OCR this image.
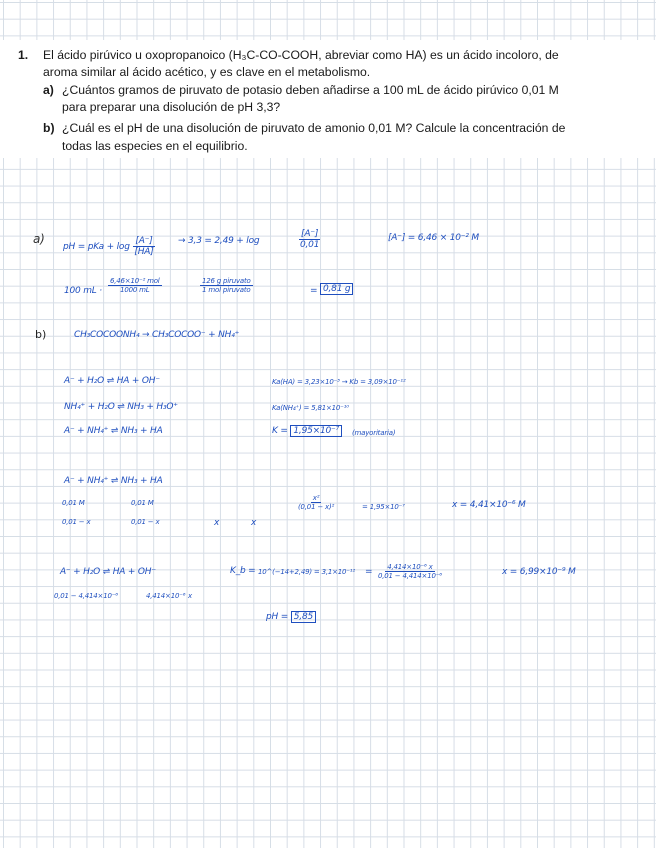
1. El ácido pirúvico u oxopropanoico (H₃C-CO-COOH, abreviar como HA) es un ácido incoloro, de
aroma similar al ácido acético, y es clave en el metabolismo.
a) ¿Cuántos gramos de piruvato de potasio deben añadirse a 100 mL de ácido pirúvico 0,01 M
para preparar una disolución de pH 3,3?
b) ¿Cuál es el pH de una disolución de piruvato de amonio 0,01 M? Calcule la concentración de
todas las especies en el equilibrio.
a)
pH = pKa + $\log \frac{[A^-]}{[HA]} \to 3,3 = 2,49 + \log$	$\frac{[A^-]}{0,01}$	[A⁻] = 6,46 × 10⁻² M
100 mL · $\frac{\text{6,46×10⁻² mol}}{1000 mL}$	$\frac{\text{126 g piruvato}}{\text{1 mol piruvato}}$	= 0,81 g
b)	CH₃COCOONH₄ → CH₃COCOO⁻ + NH₄⁺
A⁻ + H₂O ⇌ HA + OH⁻	Ka(HA) = 3,23×10⁻³ → Kb = 3,09×10⁻¹²
NH₄⁺ + H₂O ⇌ NH₃ + H₃O⁺	Ka(NH₄⁺) = 5,81×10⁻¹⁰
A⁻ + NH₄⁺ ⇌ NH₃ + HA	K = 1,95×10⁻⁷	(mayoritaria)
A⁻ + NH₄⁺ ⇌ NH₃ + HA
0,01 M	0,01 M	$\frac{\text{x²}}{\text{(0,01 − x)²}}$	= 1,95×10⁻⁷	x = 4,41×10⁻⁶ M
0,01 − x	0,01 − x	x	x
A⁻ + H₂O ⇌ HA + OH⁻	K_b = 10^(−14+2,49) = $3,1\times 10^{-12} = \frac{\text{4,414×10⁻⁶ x}}{\text{0,01 − 4,414×10⁻⁶}}$	x = 6,99×10⁻⁹ M
0,01 − 4,414×10⁻⁶	4,414×10⁻⁶ x
pH = 5,85
